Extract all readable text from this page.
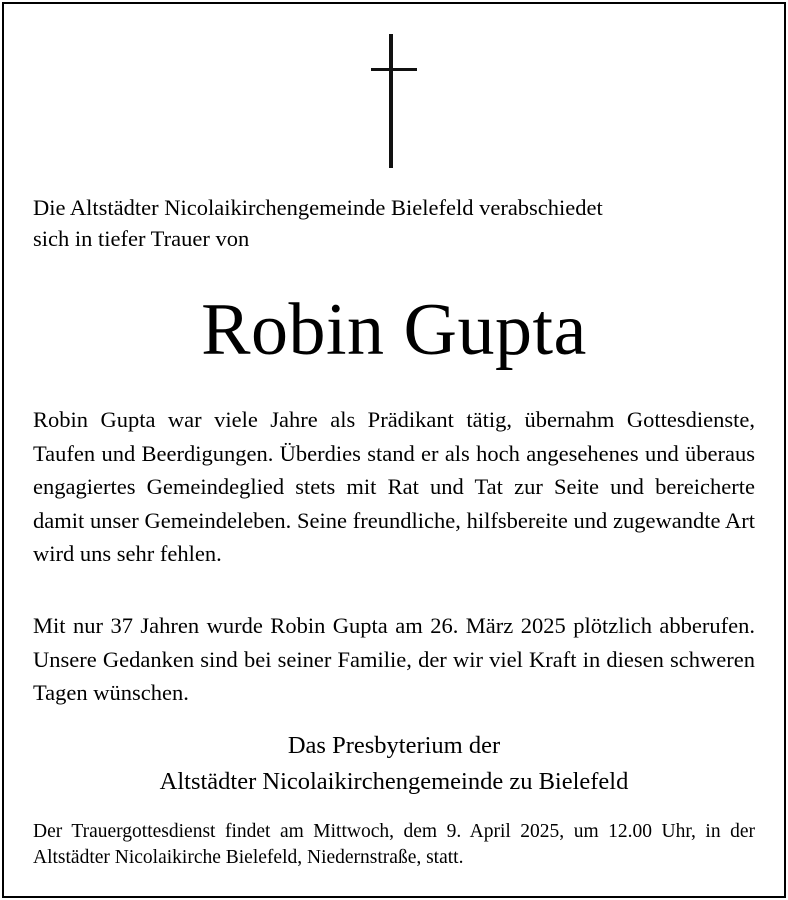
Die Altstädter Nicolaikirchengemeinde Bielefeld verabschiedet

sich in tiefer Trauer von

Robin Gupta

Robin Gupta war viele Jahre als Prädikant tätig, übernahm Gottesdienste, Taufen und Beerdigungen. Überdies stand er als hoch angesehenes und überaus engagiertes Gemeindeglied stets mit Rat und Tat zur Seite und bereicherte damit unser Gemeindeleben. Seine freundliche, hilfsbereite und zugewandte Art wird uns sehr fehlen.

Mit nur 37 Jahren wurde Robin Gupta am 26. März 2025 plötzlich abberufen. Unsere Gedanken sind bei seiner Familie, der wir viel Kraft in diesen schweren Tagen wünschen.

Das Presbyterium der

Altstädter Nicolaikirchengemeinde zu Bielefeld

Der Trauergottesdienst findet am Mittwoch, dem 9. April 2025, um 12.00 Uhr, in der Altstädter Nicolaikirche Bielefeld, Niedernstraße, statt.
